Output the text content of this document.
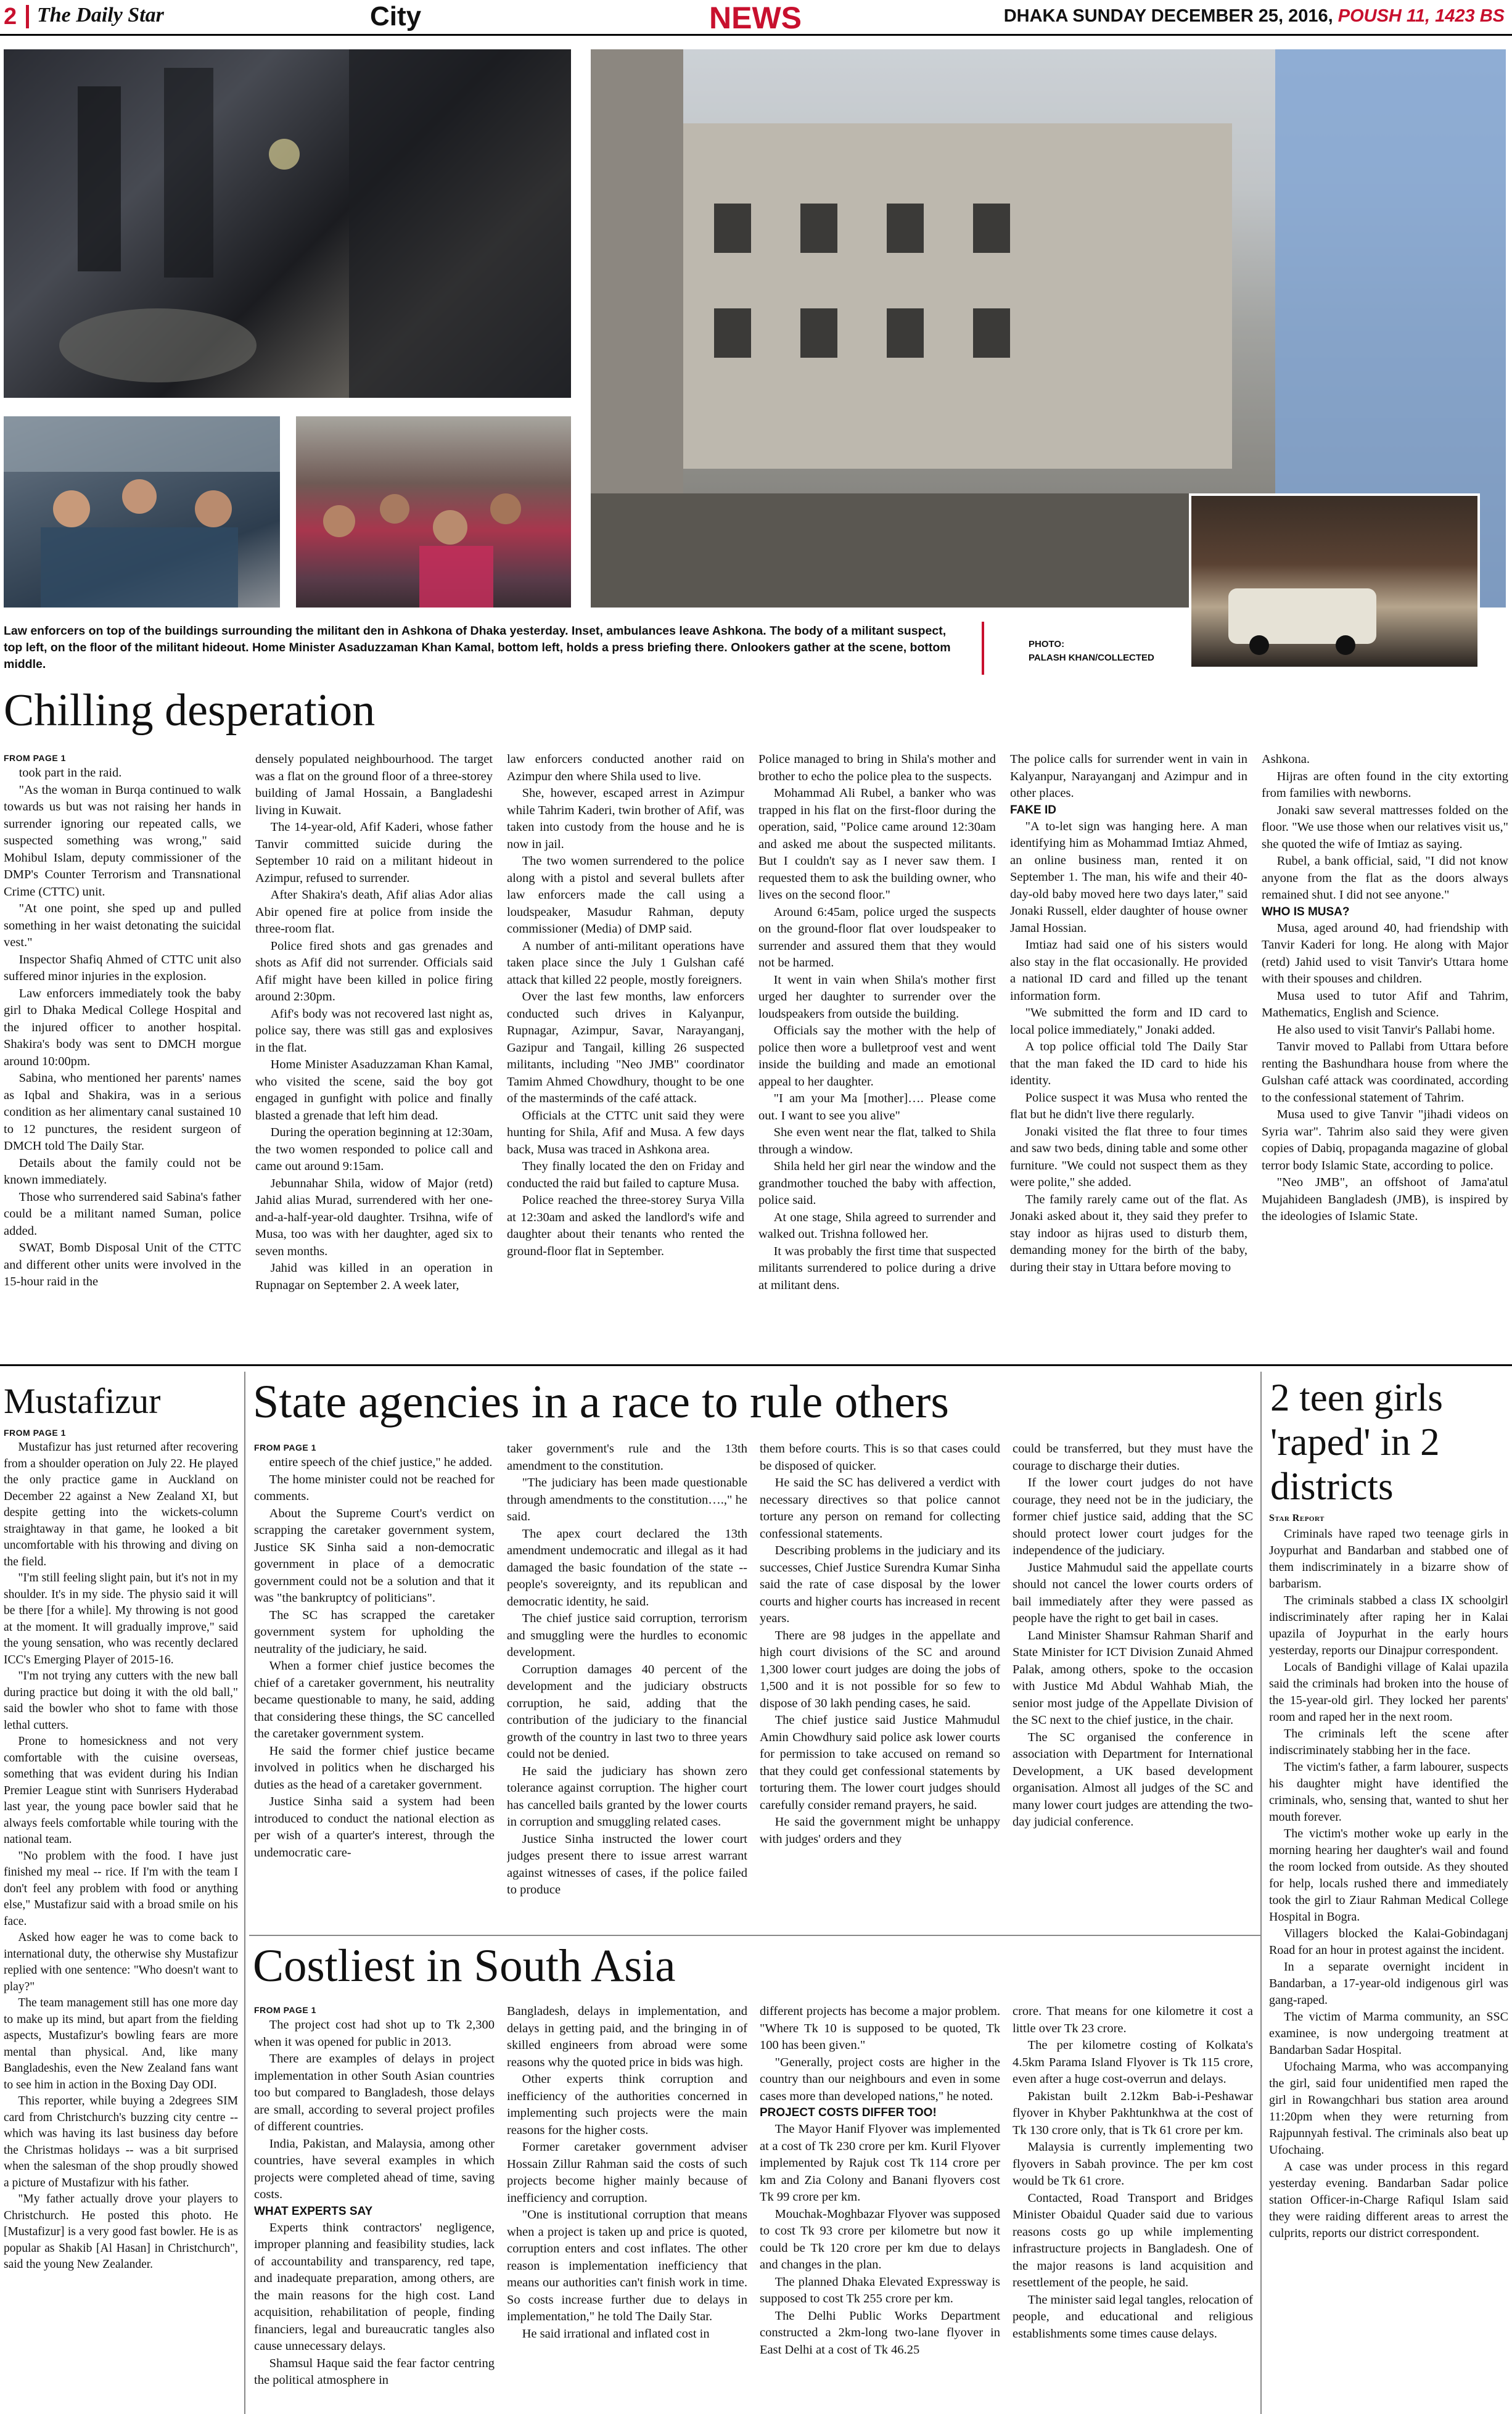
2 The Daily Star	City	NEWS	DHAKA SUNDAY DECEMBER 25, 2016, POUSH 11, 1423 BS
Law enforcers on top of the buildings surrounding the militant den in Ashkona of Dhaka yesterday. Inset, ambulances leave Ashkona. The body of a militant suspect, top left, on the floor of the militant hideout. Home Minister Asaduzzaman Khan Kamal, bottom left, holds a press briefing there. Onlookers gather at the scene, bottom middle.
PHOTO:
PALASH KHAN/COLLECTED
Chilling desperation
FROM PAGE 1

took part in the raid.

"As the woman in Burqa continued to walk towards us but was not raising her hands in surrender ignoring our repeated calls, we suspected something was wrong," said Mohibul Islam, deputy commissioner of the DMP's Counter Terrorism and Transnational Crime (CTTC) unit.

"At one point, she sped up and pulled something in her waist detonating the suicidal vest."

Inspector Shafiq Ahmed of CTTC unit also suffered minor injuries in the explosion.

Law enforcers immediately took the baby girl to Dhaka Medical College Hospital and the injured officer to another hospital. Shakira's body was sent to DMCH morgue around 10:00pm.

Sabina, who mentioned her parents' names as Iqbal and Shakira, was in a serious condition as her alimentary canal sustained 10 to 12 punctures, the resident surgeon of DMCH told The Daily Star.

Details about the family could not be known immediately.

Those who surrendered said Sabina's father could be a militant named Suman, police added.

SWAT, Bomb Disposal Unit of the CTTC and different other units were involved in the 15-hour raid in the

densely populated neighbourhood. The target was a flat on the ground floor of a three-storey building of Jamal Hossain, a Bangladeshi living in Kuwait.

The 14-year-old, Afif Kaderi, whose father Tanvir committed suicide during the September 10 raid on a militant hideout in Azimpur, refused to surrender.

After Shakira's death, Afif alias Ador alias Abir opened fire at police from inside the three-room flat.

Police fired shots and gas grenades and shots as Afif did not surrender. Officials said Afif might have been killed in police firing around 2:30pm.

Afif's body was not recovered last night as, police say, there was still gas and explosives in the flat.

Home Minister Asaduzzaman Khan Kamal, who visited the scene, said the boy got engaged in gunfight with police and finally blasted a grenade that left him dead.

During the operation beginning at 12:30am, the two women responded to police call and came out around 9:15am.

Jebunnahar Shila, widow of Major (retd) Jahid alias Murad, surrendered with her one-and-a-half-year-old daughter. Trsihna, wife of Musa, too was with her daughter, aged six to seven months.

Jahid was killed in an operation in Rupnagar on September 2. A week later,

law enforcers conducted another raid on Azimpur den where Shila used to live.

She, however, escaped arrest in Azimpur while Tahrim Kaderi, twin brother of Afif, was taken into custody from the house and he is now in jail.

The two women surrendered to the police along with a pistol and several bullets after law enforcers made the call using a loudspeaker, Masudur Rahman, deputy commissioner (Media) of DMP said.

A number of anti-militant operations have taken place since the July 1 Gulshan café attack that killed 22 people, mostly foreigners.

Over the last few months, law enforcers conducted such drives in Kalyanpur, Rupnagar, Azimpur, Savar, Narayanganj, Gazipur and Tangail, killing 26 suspected militants, including "Neo JMB" coordinator Tamim Ahmed Chowdhury, thought to be one of the masterminds of the café attack.

Officials at the CTTC unit said they were hunting for Shila, Afif and Musa. A few days back, Musa was traced in Ashkona area.

They finally located the den on Friday and conducted the raid but failed to capture Musa.

Police reached the three-storey Surya Villa at 12:30am and asked the landlord's wife and daughter about their tenants who rented the ground-floor flat in September.

Police managed to bring in Shila's mother and brother to echo the police plea to the suspects.

Mohammad Ali Rubel, a banker who was trapped in his flat on the first-floor during the operation, said, "Police came around 12:30am and asked me about the suspected militants. But I couldn't say as I never saw them. I requested them to ask the building owner, who lives on the second floor."

Around 6:45am, police urged the suspects on the ground-floor flat over loudspeaker to surrender and assured them that they would not be harmed.

It went in vain when Shila's mother first urged her daughter to surrender over the loudspeakers from outside the building.

Officials say the mother with the help of police then wore a bulletproof vest and went inside the building and made an emotional appeal to her daughter.

"I am your Ma [mother]…. Please come out. I want to see you alive"

She even went near the flat, talked to Shila through a window.

Shila held her girl near the window and the grandmother touched the baby with affection, police said.

At one stage, Shila agreed to surrender and walked out. Trishna followed her.

It was probably the first time that suspected militants surrendered to police during a drive at militant dens.

The police calls for surrender went in vain in Kalyanpur, Narayanganj and Azimpur and in other places.

FAKE ID

"A to-let sign was hanging here. A man identifying him as Mohammad Imtiaz Ahmed, an online business man, rented it on September 1. The man, his wife and their 40-day-old baby moved here two days later," said Jonaki Russell, elder daughter of house owner Jamal Hossian.

Imtiaz had said one of his sisters would also stay in the flat occasionally. He provided a national ID card and filled up the tenant information form.

"We submitted the form and ID card to local police immediately," Jonaki added.

A top police official told The Daily Star that the man faked the ID card to hide his identity.

Police suspect it was Musa who rented the flat but he didn't live there regularly.

Jonaki visited the flat three to four times and saw two beds, dining table and some other furniture. "We could not suspect them as they were polite," she added.

The family rarely came out of the flat. As Jonaki asked about it, they said they prefer to stay indoor as hijras used to disturb them, demanding money for the birth of the baby, during their stay in Uttara before moving to

Ashkona.

Hijras are often found in the city extorting from families with newborns.

Jonaki saw several mattresses folded on the floor. "We use those when our relatives visit us," she quoted the wife of Imtiaz as saying.

Rubel, a bank official, said, "I did not know anyone from the flat as the doors always remained shut. I did not see anyone."

WHO IS MUSA?

Musa, aged around 40, had friendship with Tanvir Kaderi for long. He along with Major (retd) Jahid used to visit Tanvir's Uttara home with their spouses and children.

Musa used to tutor Afif and Tahrim, Mathematics, English and Science.

He also used to visit Tanvir's Pallabi home.

Tanvir moved to Pallabi from Uttara before renting the Bashundhara house from where the Gulshan café attack was coordinated, according to the confessional statement of Tahrim.

Musa used to give Tanvir "jihadi videos on Syria war". Tahrim also said they were given copies of Dabiq, propaganda magazine of global terror body Islamic State, according to police.

"Neo JMB", an offshoot of Jama'atul Mujahideen Bangladesh (JMB), is inspired by the ideologies of Islamic State.

Mustafizur
FROM PAGE 1

Mustafizur has just returned after recovering from a shoulder operation on July 22. He played the only practice game in Auckland on December 22 against a New Zealand XI, but despite getting into the wickets-column straightaway in that game, he looked a bit uncomfortable with his throwing and diving on the field.

"I'm still feeling slight pain, but it's not in my shoulder. It's in my side. The physio said it will be there [for a while]. My throwing is not good at the moment. It will gradually improve," said the young sensation, who was recently declared ICC's Emerging Player of 2015-16.

"I'm not trying any cutters with the new ball during practice but doing it with the old ball," said the bowler who shot to fame with those lethal cutters.

Prone to homesickness and not very comfortable with the cuisine overseas, something that was evident during his Indian Premier League stint with Sunrisers Hyderabad last year, the young pace bowler said that he always feels comfortable while touring with the national team.

"No problem with the food. I have just finished my meal -- rice. If I'm with the team I don't feel any problem with food or anything else," Mustafizur said with a broad smile on his face.

Asked how eager he was to come back to international duty, the otherwise shy Mustafizur replied with one sentence: "Who doesn't want to play?"

The team management still has one more day to make up its mind, but apart from the fielding aspects, Mustafizur's bowling fears are more mental than physical. And, like many Bangladeshis, even the New Zealand fans want to see him in action in the Boxing Day ODI.

This reporter, while buying a 2degrees SIM card from Christchurch's buzzing city centre -- which was having its last business day before the Christmas holidays -- was a bit surprised when the salesman of the shop proudly showed a picture of Mustafizur with his father.

"My father actually drove your players to Christchurch. He posted this photo. He [Mustafizur] is a very good fast bowler. He is as popular as Shakib [Al Hasan] in Christchurch", said the young New Zealander.

State agencies in a race to rule others
FROM PAGE 1

entire speech of the chief justice," he added.

The home minister could not be reached for comments.

About the Supreme Court's verdict on scrapping the caretaker government system, Justice SK Sinha said a non-democratic government in place of a democratic government could not be a solution and that it was "the bankruptcy of politicians".

The SC has scrapped the caretaker government system for upholding the neutrality of the judiciary, he said.

When a former chief justice becomes the chief of a caretaker government, his neutrality became questionable to many, he said, adding that considering these things, the SC cancelled the caretaker government system.

He said the former chief justice became involved in politics when he discharged his duties as the head of a caretaker government.

Justice Sinha said a system had been introduced to conduct the national election as per wish of a quarter's interest, through the undemocratic care-

taker government's rule and the 13th amendment to the constitution.

"The judiciary has been made questionable through amendments to the constitution….," he said.

The apex court declared the 13th amendment undemocratic and illegal as it had damaged the basic foundation of the state -- people's sovereignty, and its republican and democratic identity, he said.

The chief justice said corruption, terrorism and smuggling were the hurdles to economic development.

Corruption damages 40 percent of the development and the judiciary obstructs corruption, he said, adding that the contribution of the judiciary to the financial growth of the country in last two to three years could not be denied.

He said the judiciary has shown zero tolerance against corruption. The higher court has cancelled bails granted by the lower courts in corruption and smuggling related cases.

Justice Sinha instructed the lower court judges present there to issue arrest warrant against witnesses of cases, if the police failed to produce

them before courts. This is so that cases could be disposed of quicker.

He said the SC has delivered a verdict with necessary directives so that police cannot torture any person on remand for collecting confessional statements.

Describing problems in the judiciary and its successes, Chief Justice Surendra Kumar Sinha said the rate of case disposal by the lower courts and higher courts has increased in recent years.

There are 98 judges in the appellate and high court divisions of the SC and around 1,300 lower court judges are doing the jobs of 1,500 and it is not possible for so few to dispose of 30 lakh pending cases, he said.

The chief justice said Justice Mahmudul Amin Chowdhury said police ask lower courts for permission to take accused on remand so that they could get confessional statements by torturing them. The lower court judges should carefully consider remand prayers, he said.

He said the government might be unhappy with judges' orders and they

could be transferred, but they must have the courage to discharge their duties.

If the lower court judges do not have courage, they need not be in the judiciary, the former chief justice said, adding that the SC should protect lower court judges for the independence of the judiciary.

Justice Mahmudul said the appellate courts should not cancel the lower courts orders of bail immediately after they were passed as people have the right to get bail in cases.

Land Minister Shamsur Rahman Sharif and State Minister for ICT Division Zunaid Ahmed Palak, among others, spoke to the occasion with Justice Md Abdul Wahhab Miah, the senior most judge of the Appellate Division of the SC next to the chief justice, in the chair.

The SC organised the conference in association with Department for International Development, a UK based development organisation. Almost all judges of the SC and many lower court judges are attending the two-day judicial conference.

Costliest in South Asia
FROM PAGE 1

The project cost had shot up to Tk 2,300 when it was opened for public in 2013.

There are examples of delays in project implementation in other South Asian countries too but compared to Bangladesh, those delays are small, according to several project profiles of different countries.

India, Pakistan, and Malaysia, among other countries, have several examples in which projects were completed ahead of time, saving costs.

WHAT EXPERTS SAY

Experts think contractors' negligence, improper planning and feasibility studies, lack of accountability and transparency, red tape, and inadequate preparation, among others, are the main reasons for the high cost. Land acquisition, rehabilitation of people, finding financiers, legal and bureaucratic tangles also cause unnecessary delays.

Shamsul Haque said the fear factor centring the political atmosphere in

Bangladesh, delays in implementation, and delays in getting paid, and the bringing in of skilled engineers from abroad were some reasons why the quoted price in bids was high.

Other experts think corruption and inefficiency of the authorities concerned in implementing such projects were the main reasons for the higher costs.

Former caretaker government adviser Hossain Zillur Rahman said the costs of such projects become higher mainly because of inefficiency and corruption.

"One is institutional corruption that means when a project is taken up and price is quoted, corruption enters and cost inflates. The other reason is implementation inefficiency that means our authorities can't finish work in time. So costs increase further due to delays in implementation," he told The Daily Star.

He said irrational and inflated cost in

different projects has become a major problem. "Where Tk 10 is supposed to be quoted, Tk 100 has been given."

"Generally, project costs are higher in the country than our neighbours and even in some cases more than developed nations," he noted.

PROJECT COSTS DIFFER TOO!

The Mayor Hanif Flyover was implemented at a cost of Tk 230 crore per km. Kuril Flyover implemented by Rajuk cost Tk 114 crore per km and Zia Colony and Banani flyovers cost Tk 99 crore per km.

Mouchak-Moghbazar Flyover was supposed to cost Tk 93 crore per kilometre but now it could be Tk 120 crore per km due to delays and changes in the plan.

The planned Dhaka Elevated Expressway is supposed to cost Tk 255 crore per km.

The Delhi Public Works Department constructed a 2km-long two-lane flyover in East Delhi at a cost of Tk 46.25

crore. That means for one kilometre it cost a little over Tk 23 crore.

The per kilometre costing of Kolkata's 4.5km Parama Island Flyover is Tk 115 crore, even after a huge cost-overrun and delays.

Pakistan built 2.12km Bab-i-Peshawar flyover in Khyber Pakhtunkhwa at the cost of Tk 130 crore only, that is Tk 61 crore per km.

Malaysia is currently implementing two flyovers in Sabah province. The per km cost would be Tk 61 crore.

Contacted, Road Transport and Bridges Minister Obaidul Quader said due to various reasons costs go up while implementing infrastructure projects in Bangladesh. One of the major reasons is land acquisition and resettlement of the people, he said.

The minister said legal tangles, relocation of people, and educational and religious establishments some times cause delays.

2 teen girls 'raped' in 2 districts
Star Report

Criminals have raped two teenage girls in Joypurhat and Bandarban and stabbed one of them indiscriminately in a bizarre show of barbarism.

The criminals stabbed a class IX schoolgirl indiscriminately after raping her in Kalai upazila of Joypurhat in the early hours yesterday, reports our Dinajpur correspondent.

Locals of Bandighi village of Kalai upazila said the criminals had broken into the house of the 15-year-old girl. They locked her parents' room and raped her in the next room.

The criminals left the scene after indiscriminately stabbing her in the face.

The victim's father, a farm labourer, suspects his daughter might have identified the criminals, who, sensing that, wanted to shut her mouth forever.

The victim's mother woke up early in the morning hearing her daughter's wail and found the room locked from outside. As they shouted for help, locals rushed there and immediately took the girl to Ziaur Rahman Medical College Hospital in Bogra.

Villagers blocked the Kalai-Gobindaganj Road for an hour in protest against the incident.

In a separate overnight incident in Bandarban, a 17-year-old indigenous girl was gang-raped.

The victim of Marma community, an SSC examinee, is now undergoing treatment at Bandarban Sadar Hospital.

Ufochaing Marma, who was accompanying the girl, said four unidentified men raped the girl in Rowangchhari bus station area around 11:20pm when they were returning from Rajpunnyah festival. The criminals also beat up Ufochaing.

A case was under process in this regard yesterday evening. Bandarban Sadar police station Officer-in-Charge Rafiqul Islam said they were raiding different areas to arrest the culprits, reports our district correspondent.
